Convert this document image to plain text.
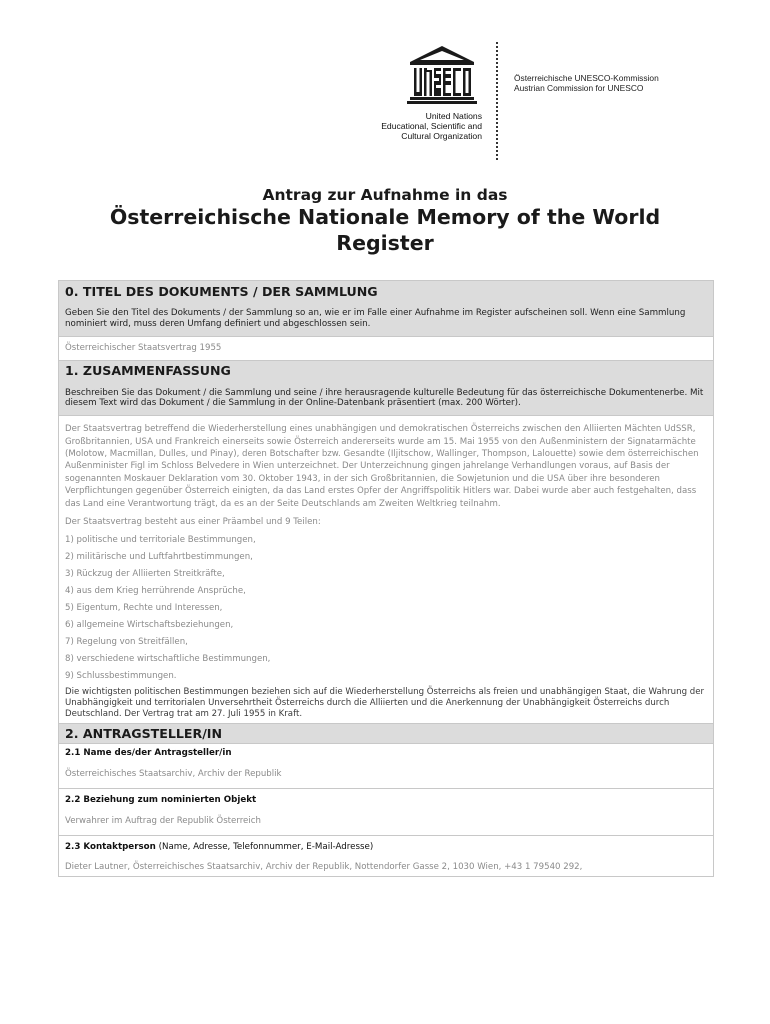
UNESCO
United Nations
Educational, Scientific and
Cultural Organization
Österreichische UNESCO-Kommission
Austrian Commission for UNESCO
Antrag zur Aufnahme in das
Österreichische Nationale Memory of the World Register
0. TITEL DES DOKUMENTS / DER SAMMLUNG
Geben Sie den Titel des Dokuments / der Sammlung so an, wie er im Falle einer Aufnahme im Register aufscheinen soll. Wenn eine Sammlung nominiert wird, muss deren Umfang definiert und abgeschlossen sein.
Österreichischer Staatsvertrag 1955
1. ZUSAMMENFASSUNG
Beschreiben Sie das Dokument / die Sammlung und seine / ihre herausragende kulturelle Bedeutung für das österreichische Dokumentenerbe. Mit diesem Text wird das Dokument / die Sammlung in der Online-Datenbank präsentiert (max. 200 Wörter).

Der Staatsvertrag betreffend die Wiederherstellung eines unabhängigen und demokratischen Österreichs zwischen den Alliierten Mächten UdSSR, Großbritannien, USA und Frankreich einerseits sowie Österreich andererseits wurde am 15. Mai 1955 von den Außenministern der Signatarmächte (Molotow, Macmillan, Dulles, und Pinay), deren Botschafter bzw. Gesandte (Iljitschow, Wallinger, Thompson, Lalouette) sowie dem österreichischen Außenminister Figl im Schloss Belvedere in Wien unterzeichnet. Der Unterzeichnung gingen jahrelange Verhandlungen voraus, auf Basis der sogenannten Moskauer Deklaration vom 30. Oktober 1943, in der sich Großbritannien, die Sowjetunion und die USA über ihre besonderen Verpflichtungen gegenüber Österreich einigten, da das Land erstes Opfer der Angriffspolitik Hitlers war. Dabei wurde aber auch festgehalten, dass das Land eine Verantwortung trägt, da es an der Seite Deutschlands am Zweiten Weltkrieg teilnahm.

Der Staatsvertrag besteht aus einer Präambel und 9 Teilen:

1) politische und territoriale Bestimmungen,

2) militärische und Luftfahrtbestimmungen,

3) Rückzug der Alliierten Streitkräfte,

4) aus dem Krieg herrührende Ansprüche,

5) Eigentum, Rechte und Interessen,

6) allgemeine Wirtschaftsbeziehungen,

7) Regelung von Streitfällen,

8) verschiedene wirtschaftliche Bestimmungen,

9) Schlussbestimmungen.

Die wichtigsten politischen Bestimmungen beziehen sich auf die Wiederherstellung Österreichs als freien und unabhängigen Staat, die Wahrung der Unabhängigkeit und territorialen Unversehrtheit Österreichs durch die Alliierten und die Anerkennung der Unabhängigkeit Österreichs durch Deutschland. Der Vertrag trat am 27. Juli 1955 in Kraft.

2. ANTRAGSTELLER/IN
2.1 Name des/der Antragsteller/in
Österreichisches Staatsarchiv, Archiv der Republik
2.2 Beziehung zum nominierten Objekt
Verwahrer im Auftrag der Republik Österreich
2.3 Kontaktperson (Name, Adresse, Telefonnummer, E-Mail-Adresse)
Dieter Lautner, Österreichisches Staatsarchiv, Archiv der Republik, Nottendorfer Gasse 2, 1030 Wien, +43 1 79540 292,
